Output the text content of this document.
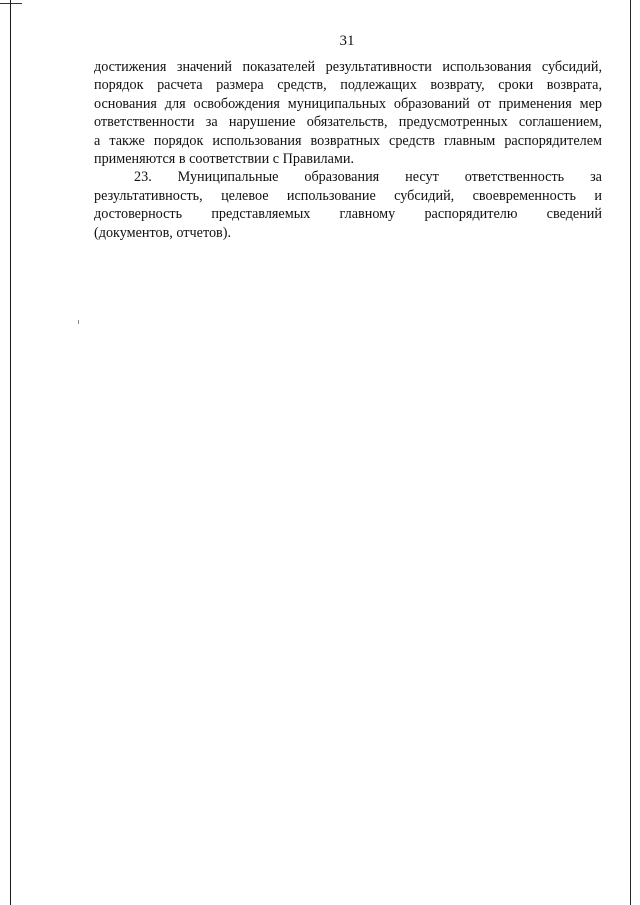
31
достижения значений показателей результативности использования субсидий,
порядок расчета размера средств, подлежащих возврату, сроки возврата,
основания для освобождения муниципальных образований от применения мер
ответственности за нарушение обязательств, предусмотренных соглашением,
а также порядок использования возвратных средств главным распорядителем
применяются в соответствии с Правилами.
23. Муниципальные образования несут ответственность за
результативность, целевое использование субсидий, своевременность и
достоверность представляемых главному распорядителю сведений
(документов, отчетов).
